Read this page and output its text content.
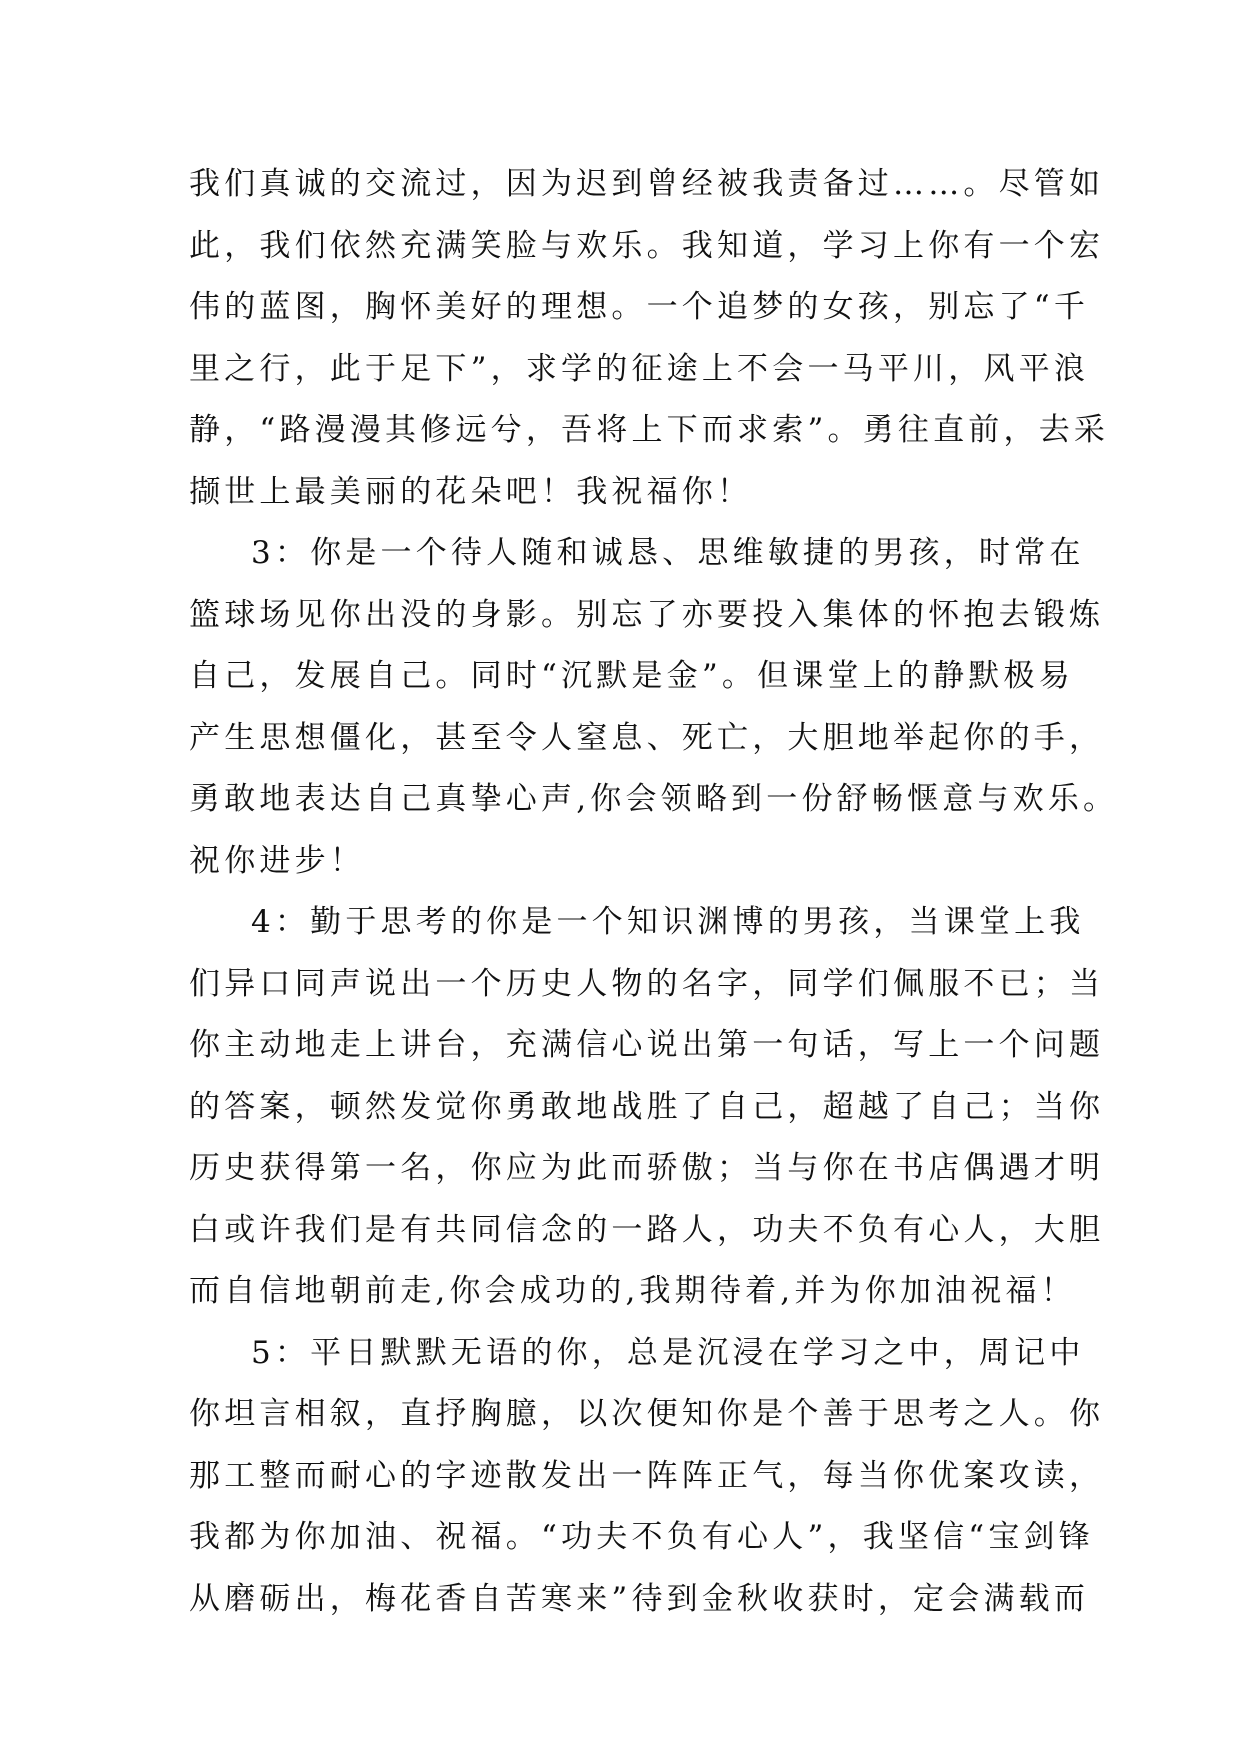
我们真诚的交流过，因为迟到曾经被我责备过……。尽管如
此，我们依然充满笑脸与欢乐。我知道，学习上你有一个宏
伟的蓝图，胸怀美好的理想。一个追梦的女孩，别忘了“千
里之行，此于足下”，求学的征途上不会一马平川，风平浪
静，“路漫漫其修远兮，吾将上下而求索”。勇往直前，去采
撷世上最美丽的花朵吧！我祝福你！
3：你是一个待人随和诚恳、思维敏捷的男孩，时常在
篮球场见你出没的身影。别忘了亦要投入集体的怀抱去锻炼
自己，发展自己。同时“沉默是金”。但课堂上的静默极易
产生思想僵化，甚至令人窒息、死亡，大胆地举起你的手，
勇敢地表达自己真挚心声,你会领略到一份舒畅惬意与欢乐。
祝你进步！
4：勤于思考的你是一个知识渊博的男孩，当课堂上我
们异口同声说出一个历史人物的名字，同学们佩服不已；当
你主动地走上讲台，充满信心说出第一句话，写上一个问题
的答案，顿然发觉你勇敢地战胜了自己，超越了自己；当你
历史获得第一名，你应为此而骄傲；当与你在书店偶遇才明
白或许我们是有共同信念的一路人，功夫不负有心人，大胆
而自信地朝前走,你会成功的,我期待着,并为你加油祝福！
5：平日默默无语的你，总是沉浸在学习之中，周记中
你坦言相叙，直抒胸臆，以次便知你是个善于思考之人。你
那工整而耐心的字迹散发出一阵阵正气，每当你优案攻读，
我都为你加油、祝福。“功夫不负有心人”，我坚信“宝剑锋
从磨砺出，梅花香自苦寒来”待到金秋收获时，定会满载而
